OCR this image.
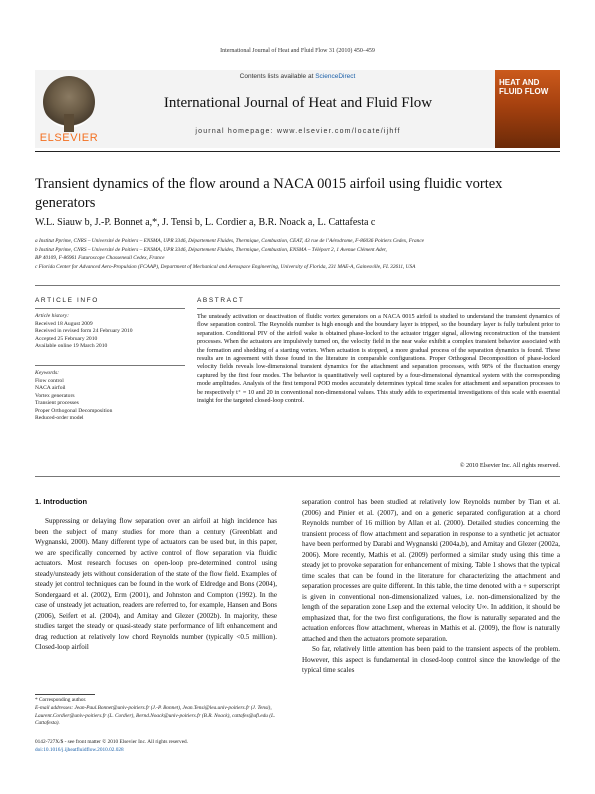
International Journal of Heat and Fluid Flow 31 (2010) 450–459
ELSEVIER
Contents lists available at ScienceDirect
International Journal of Heat and Fluid Flow
journal homepage: www.elsevier.com/locate/ijhff
HEAT AND FLUID FLOW
Transient dynamics of the flow around a NACA 0015 airfoil using fluidic vortex generators
W.L. Siauw b, J.-P. Bonnet a,*, J. Tensi b, L. Cordier a, B.R. Noack a, L. Cattafesta c
a Institut Pprime, CNRS – Université de Poitiers – ENSMA, UPR 3346, Département Fluides, Thermique, Combustion, CEAT, 43 rue de l’Aérodrome, F-86036 Poitiers Cedex, France
b Institut Pprime, CNRS – Université de Poitiers – ENSMA, UPR 3346, Département Fluides, Thermique, Combustion, ENSMA – Téléport 2, 1 Avenue Clément Ader,
BP 40109, F-86961 Futuroscope Chasseneuil Cedex, France
c Florida Center for Advanced Aero-Propulsion (FCAAP), Department of Mechanical and Aerospace Engineering, University of Florida, 231 MAE-A, Gainesville, FL 32611, USA
ARTICLE INFO
Article history:
Received 18 August 2009
Received in revised form 24 February 2010
Accepted 25 February 2010
Available online 19 March 2010
Keywords:
Flow control
NACA airfoil
Vortex generators
Transient processes
Proper Orthogonal Decomposition
Reduced-order model
ABSTRACT
The unsteady activation or deactivation of fluidic vortex generators on a NACA 0015 airfoil is studied to understand the transient dynamics of flow separation control. The Reynolds number is high enough and the boundary layer is tripped, so the boundary layer is fully turbulent prior to separation. Conditional PIV of the airfoil wake is obtained phase-locked to the actuator trigger signal, allowing reconstruction of the transient processes. When the actuators are impulsively turned on, the velocity field in the near wake exhibit a complex transient behavior associated with the formation and shedding of a starting vortex. When actuation is stopped, a more gradual process of the separation dynamics is found. These results are in agreement with those found in the literature in comparable configurations. Proper Orthogonal Decomposition of phase-locked velocity fields reveals low-dimensional transient dynamics for the attachment and separation processes, with 98% of the fluctuation energy captured by the first four modes. The behavior is quantitatively well captured by a four-dimensional dynamical system with the corresponding mode amplitudes. Analysis of the first temporal POD modes accurately determines typical time scales for attachment and separation processes to be respectively t⁺ = 10 and 20 in conventional non-dimensional values. This study adds to experimental investigations of this scale with essential insight for the targeted closed-loop control.
© 2010 Elsevier Inc. All rights reserved.
1. Introduction

Suppressing or delaying flow separation over an airfoil at high incidence has been the subject of many studies for more than a century (Greenblatt and Wygnanski, 2000). Many different type of actuators can be used but, in this paper, we are specifically concerned by active control of flow separation via fluidic actuators. Most research focuses on open-loop pre-determined control using steady/unsteady jets without consideration of the state of the flow field. Examples of steady jet control techniques can be found in the work of Eldredge and Bons (2004), Sondergaard et al. (2002), Erm (2001), and Johnston and Compton (1992). In the case of unsteady jet actuation, readers are referred to, for example, Hansen and Bons (2006), Seifert et al. (2004), and Amitay and Glezer (2002b). In majority, these studies target the steady or quasi-steady state performance of lift enhancement and drag reduction at relatively low chord Reynolds number (typically <0.5 million). Closed-loop airfoil

separation control has been studied at relatively low Reynolds number by Tian et al. (2006) and Pinier et al. (2007), and on a generic separated configuration at a chord Reynolds number of 16 million by Allan et al. (2000). Detailed studies concerning the transient process of flow attachment and separation in response to a synthetic jet actuator have been performed by Darabi and Wygnanski (2004a,b), and Amitay and Glezer (2002a, 2006). More recently, Mathis et al. (2009) performed a similar study using this time a steady jet to provoke separation for enhancement of mixing. Table 1 shows that the typical time scales that can be found in the literature for characterizing the attachment and separation processes are quite different. In this table, the time denoted with a + superscript is given in conventional non-dimensionalized values, i.e. non-dimensionalized by the length of the separation zone Lsep and the external velocity U∞. In addition, it should be emphasized that, for the two first configurations, the flow is naturally separated and the actuation enforces flow attachment, whereas in Mathis et al. (2009), the flow is naturally attached and then the actuators promote separation.

So far, relatively little attention has been paid to the transient aspects of the problem. However, this aspect is fundamental in closed-loop control since the knowledge of the typical time scales

* Corresponding author.
E-mail addresses: Jean-Paul.Bonnet@univ-poitiers.fr (J.-P. Bonnet), Jean.Tensi@lea.univ-poitiers.fr (J. Tensi), Laurent.Cordier@univ-poitiers.fr (L. Cordier), Bernd.Noack@univ-poitiers.fr (B.R. Noack), cattafes@ufl.edu (L. Cattafesta).
0142-727X/$ - see front matter © 2010 Elsevier Inc. All rights reserved.
doi:10.1016/j.ijheatfluidflow.2010.02.028
